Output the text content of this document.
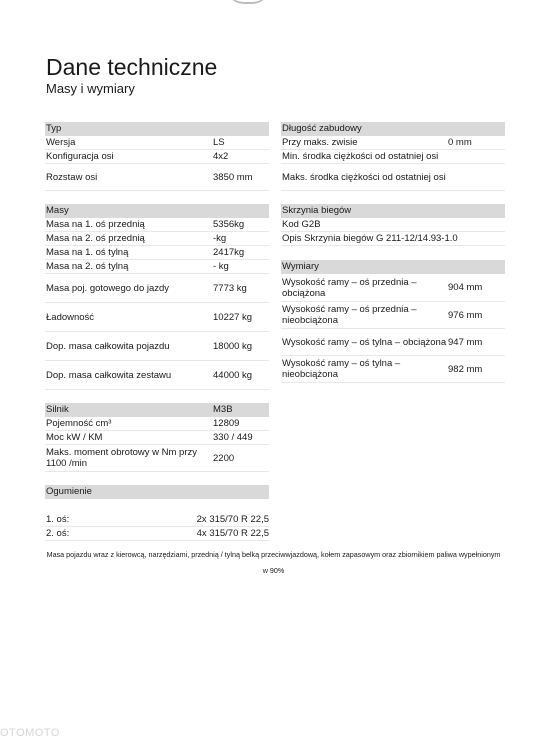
Dane techniczne
Masy i wymiary
Typ
Wersja	LS
Konfiguracja osi	4x2
Rozstaw osi	3850 mm
Masy
Masa na 1. oś przednią	5356kg
Masa na 2. oś przednią	-kg
Masa na 1. oś tylną	2417kg
Masa na 2. oś tylną	- kg
Masa poj. gotowego do jazdy	7773 kg
Ładowność	10227 kg
Dop. masa całkowita pojazdu	18000 kg
Dop. masa całkowita zestawu	44000 kg
Silnik	M3B
Pojemność cm³	12809
Moc kW / KM	330 / 449
Maks. moment obrotowy w Nm przy 1100 /min	2200
Ogumienie
1. oś:	2x 315/70 R 22,5
2. oś:	4x 315/70 R 22,5
Długość zabudowy
Przy maks. zwisie	0 mm
Min. środka ciężkości od ostatniej osi
Maks. środka ciężkości od ostatniej osi
Skrzynia biegów
Kod G2B
Opis Skrzynia biegów G 211-12/14.93-1.0
Wymiary
Wysokość ramy – oś przednia – obciążona	904 mm
Wysokość ramy – oś przednia – nieobciążona	976 mm
Wysokość ramy – oś tylna – obciążona 947 mm
Wysokość ramy – oś tylna – nieobciążona	982 mm
Masa pojazdu wraz z kierowcą, narzędziami, przednią / tylną belką przeciwwjazdową, kołem zapasowym oraz zbiornikiem paliwa wypełnionym w 90%
OTOMOTO
